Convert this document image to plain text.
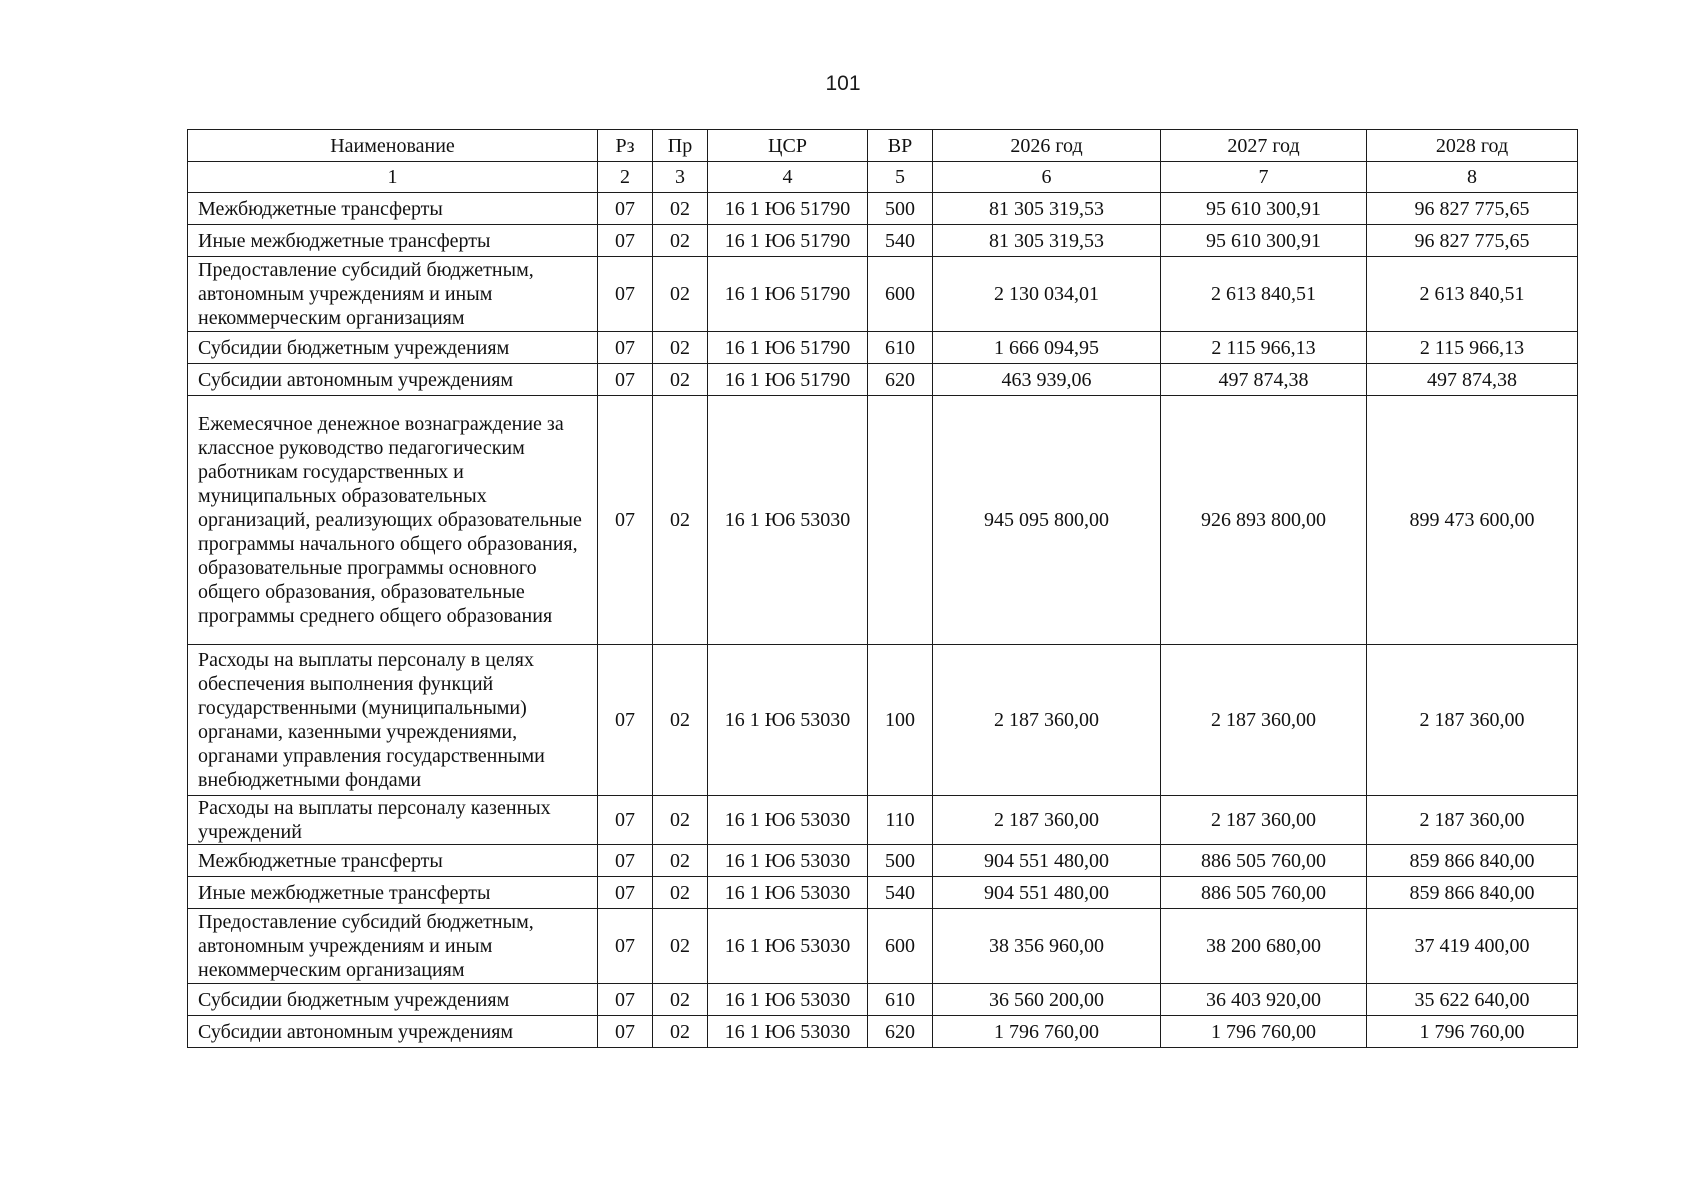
101
Наименование	Рз	Пр	ЦСР	ВР	2026 год	2027 год	2028 год
1	2	3	4	5	6	7	8
Межбюджетные трансферты	07	02	16 1 Ю6 51790	500	81 305 319,53	95 610 300,91	96 827 775,65
Иные межбюджетные трансферты	07	02	16 1 Ю6 51790	540	81 305 319,53	95 610 300,91	96 827 775,65
Предоставление субсидий бюджетным, автономным учреждениям и иным некоммерческим организациям	07	02	16 1 Ю6 51790	600	2 130 034,01	2 613 840,51	2 613 840,51
Субсидии бюджетным учреждениям	07	02	16 1 Ю6 51790	610	1 666 094,95	2 115 966,13	2 115 966,13
Субсидии автономным учреждениям	07	02	16 1 Ю6 51790	620	463 939,06	497 874,38	497 874,38
Ежемесячное денежное вознаграждение за классное руководство педагогическим работникам государственных и муниципальных образовательных организаций, реализующих образовательные программы начального общего образования, образовательные программы основного общего образования, образовательные программы среднего общего образования	07	02	16 1 Ю6 53030		945 095 800,00	926 893 800,00	899 473 600,00
Расходы на выплаты персоналу в целях обеспечения выполнения функций государственными (муниципальными) органами, казенными учреждениями, органами управления государственными внебюджетными фондами	07	02	16 1 Ю6 53030	100	2 187 360,00	2 187 360,00	2 187 360,00
Расходы на выплаты персоналу казенных учреждений	07	02	16 1 Ю6 53030	110	2 187 360,00	2 187 360,00	2 187 360,00
Межбюджетные трансферты	07	02	16 1 Ю6 53030	500	904 551 480,00	886 505 760,00	859 866 840,00
Иные межбюджетные трансферты	07	02	16 1 Ю6 53030	540	904 551 480,00	886 505 760,00	859 866 840,00
Предоставление субсидий бюджетным, автономным учреждениям и иным некоммерческим организациям	07	02	16 1 Ю6 53030	600	38 356 960,00	38 200 680,00	37 419 400,00
Субсидии бюджетным учреждениям	07	02	16 1 Ю6 53030	610	36 560 200,00	36 403 920,00	35 622 640,00
Субсидии автономным учреждениям	07	02	16 1 Ю6 53030	620	1 796 760,00	1 796 760,00	1 796 760,00
